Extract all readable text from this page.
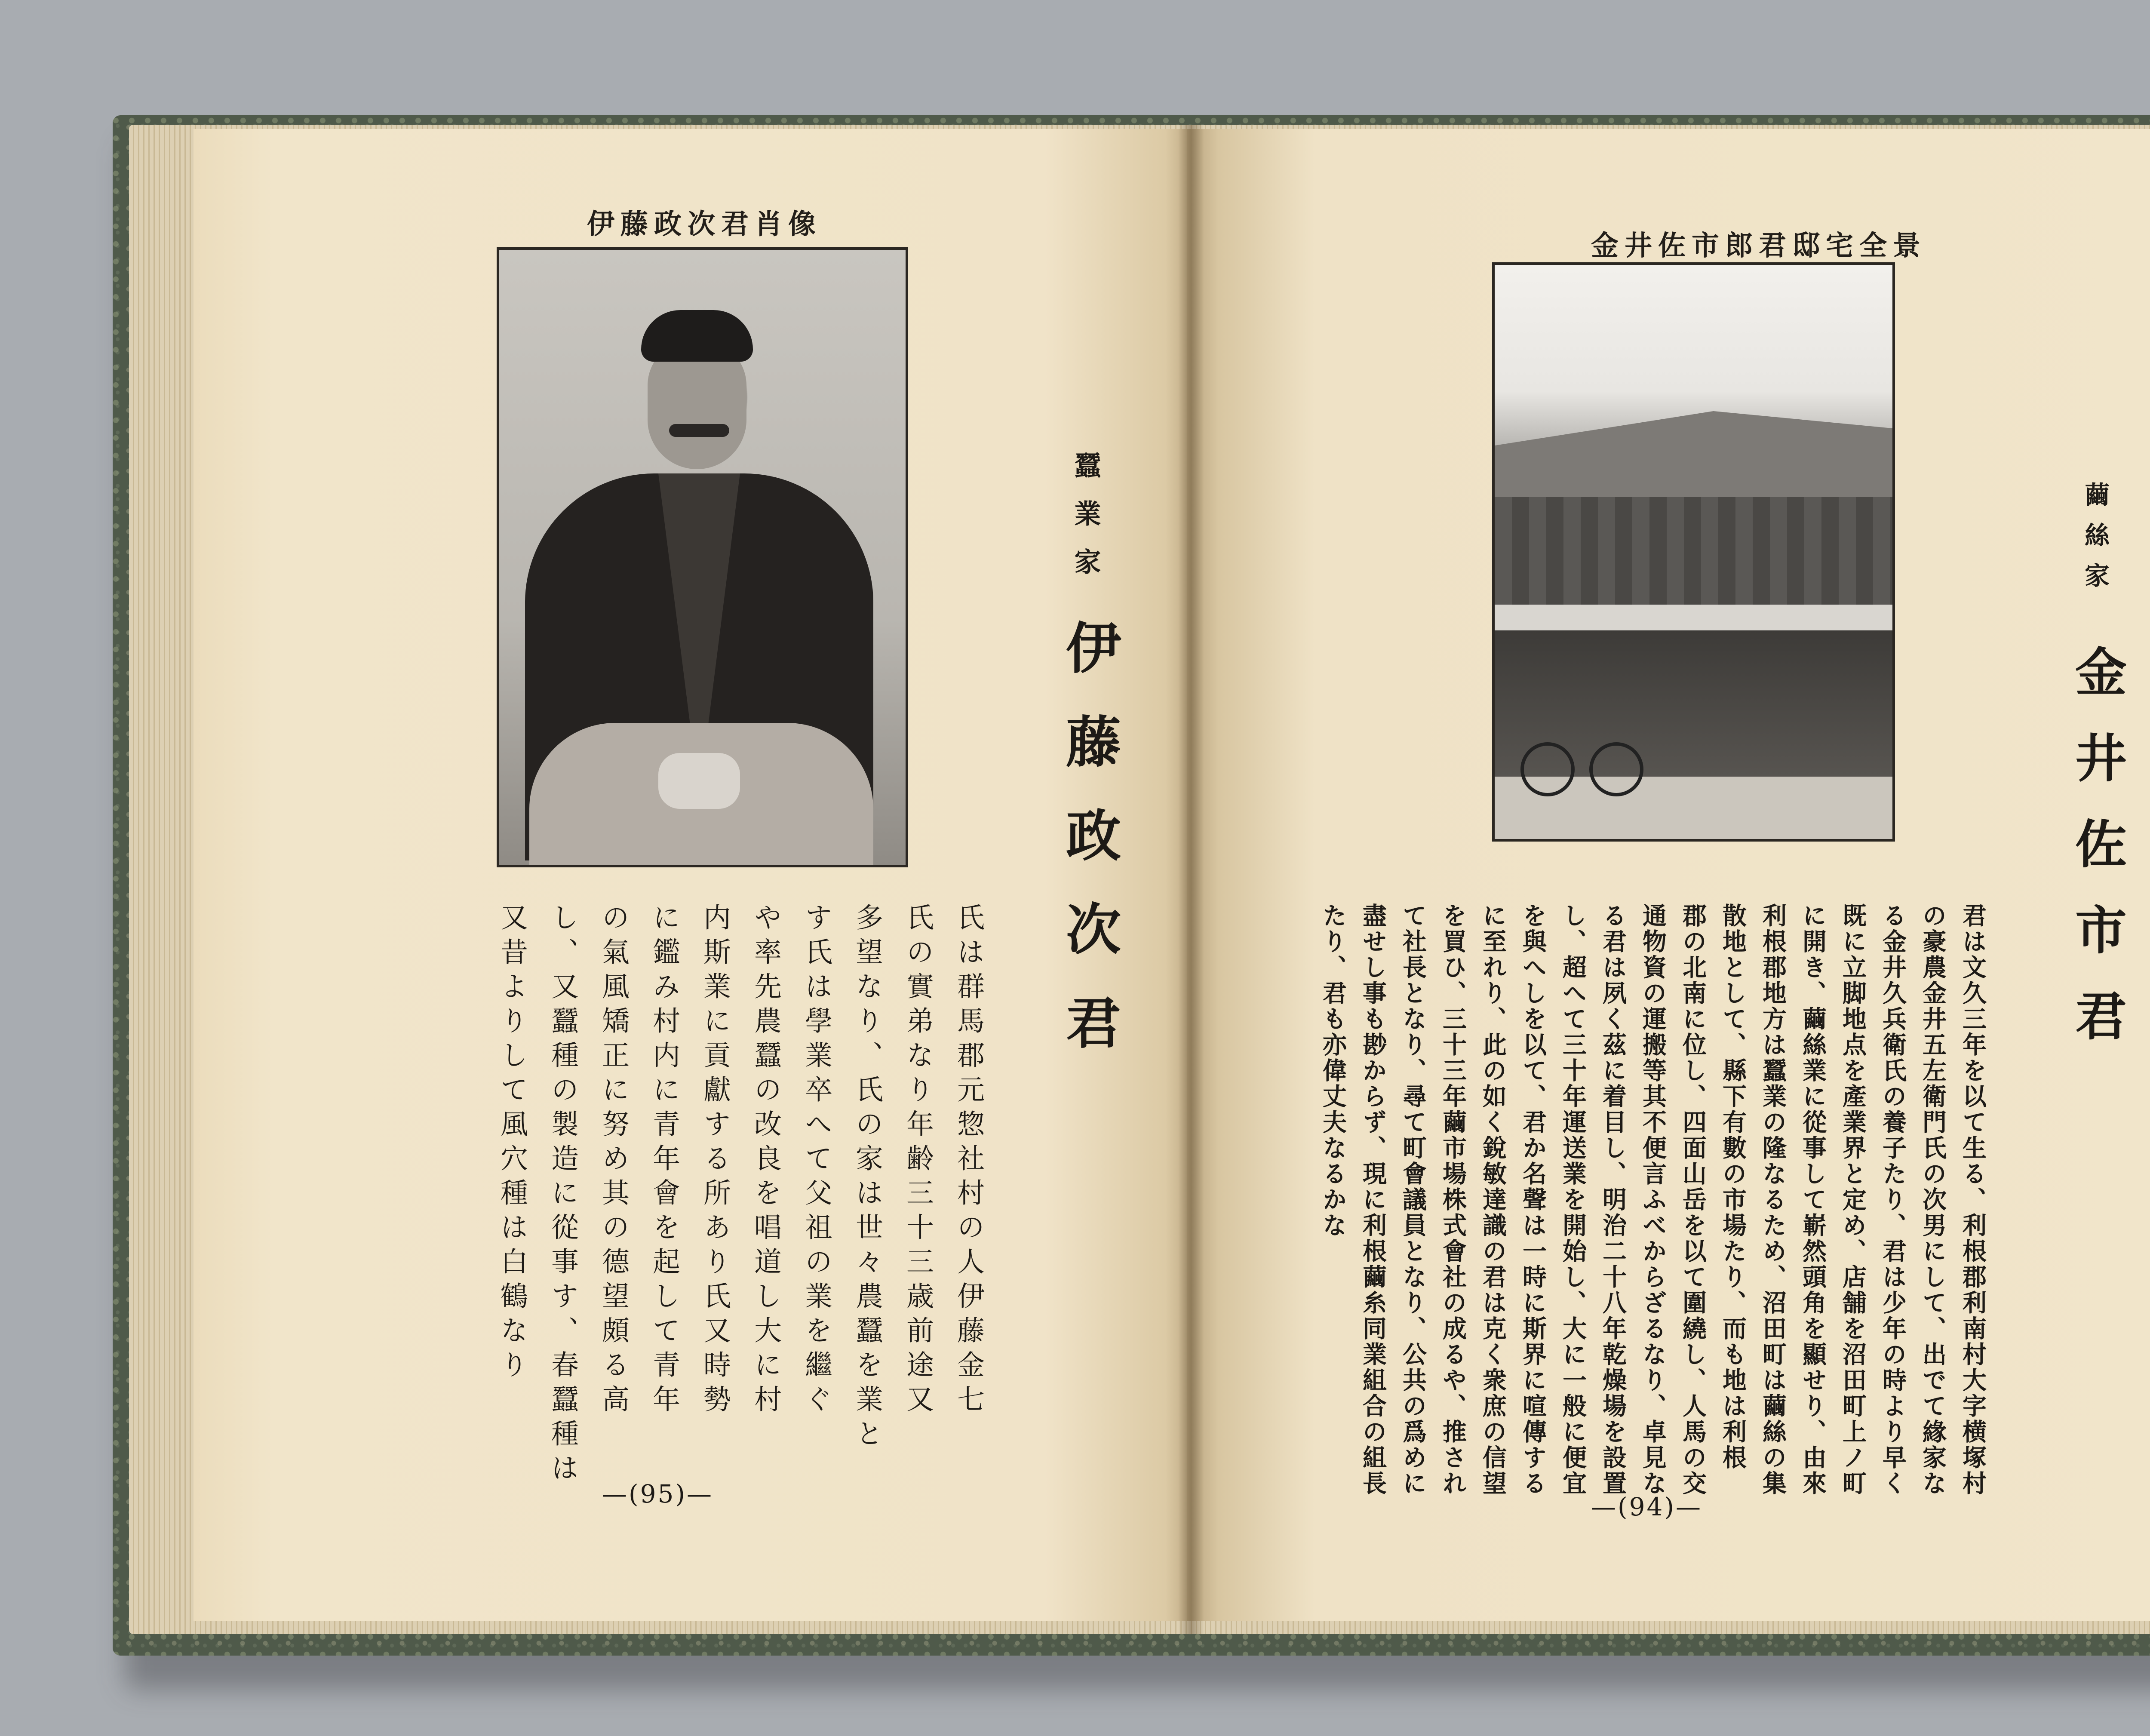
伊藤政次君肖像
蠶業家
伊藤政次君
氏は群馬郡元惣社村の人伊藤金七
氏の實弟なり年齢三十三歳前途又
多望なり、氏の家は世々農蠶を業と
す氏は學業卒へて父祖の業を繼ぐ
や率先農蠶の改良を唱道し大に村
内斯業に貢獻する所あり氏又時勢
に鑑み村内に青年會を起して青年
の氣風矯正に努め其の德望頗る高
し、又蠶種の製造に從事す、春蠶種は
又昔よりして風穴種は白鶴なり
—(95)—
金井佐市郎君邸宅全景
繭絲家
金井佐市君
君は文久三年を以て生る、利根郡利南村大字横塚村
の豪農金井五左衛門氏の次男にして、出でて緣家な
る金井久兵衛氏の養子たり、君は少年の時より早く
既に立脚地点を產業界と定め、店舗を沼田町上ノ町
に開き、繭絲業に從事して嶄然頭角を顯せり、由來
利根郡地方は蠶業の隆なるため、沼田町は繭絲の集
散地として、縣下有數の市場たり、而も地は利根
郡の北南に位し、四面山岳を以て圍繞し、人馬の交
通物資の運搬等其不便言ふべからざるなり、卓見な
る君は夙く茲に着目し、明治二十八年乾燥場を設置
し、超へて三十年運送業を開始し、大に一般に便宜
を與へしを以て、君か名聲は一時に斯界に喧傳する
に至れり、此の如く銳敏達識の君は克く衆庶の信望
を買ひ、三十三年繭市場株式會社の成るや、推され
て社長となり、尋て町會議員となり、公共の爲めに
盡せし事も尠からず、現に利根繭糸同業組合の組長
たり、君も亦偉丈夫なるかな
—(94)—
